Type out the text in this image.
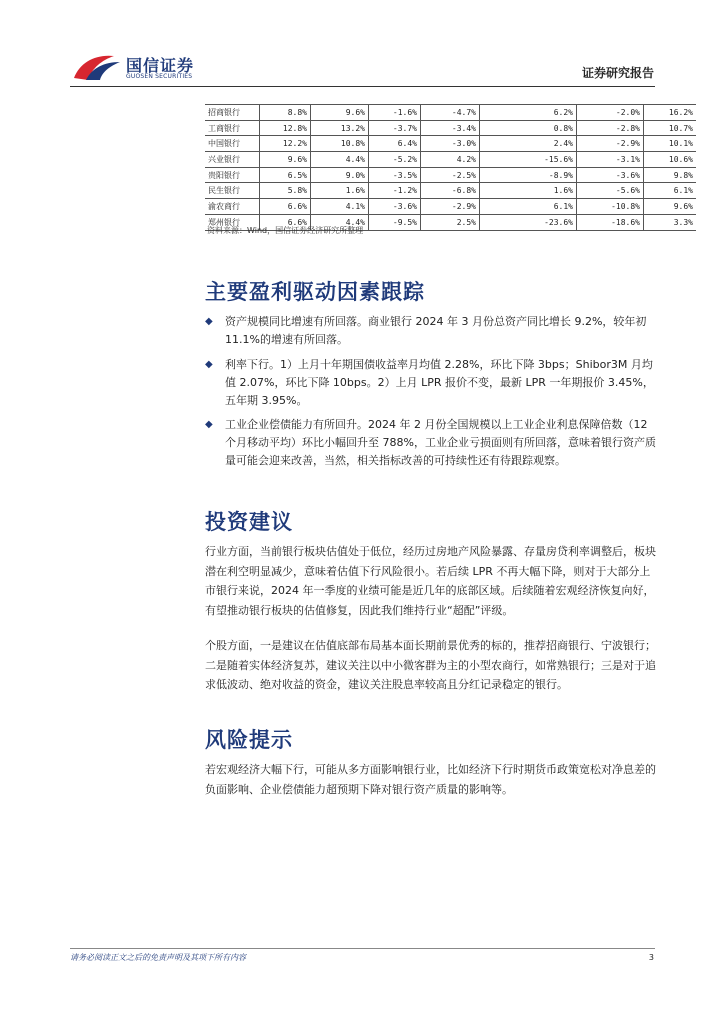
国信证券
GUOSEN SECURITIES	证券研究报告
招商银行	8.8%	9.6%	-1.6%	-4.7%	6.2%	-2.0%	16.2%
工商银行	12.8%	13.2%	-3.7%	-3.4%	0.8%	-2.8%	10.7%
中国银行	12.2%	10.8%	6.4%	-3.0%	2.4%	-2.9%	10.1%
兴业银行	9.6%	4.4%	-5.2%	4.2%	-15.6%	-3.1%	10.6%
贵阳银行	6.5%	9.0%	-3.5%	-2.5%	-8.9%	-3.6%	9.8%
民生银行	5.8%	1.6%	-1.2%	-6.8%	1.6%	-5.6%	6.1%
渝农商行	6.6%	4.1%	-3.6%	-2.9%	6.1%	-10.8%	9.6%
郑州银行	6.6%	4.4%	-9.5%	2.5%	-23.6%	-18.6%	3.3%
资料来源：Wind，国信证券经济研究所整理
主要盈利驱动因素跟踪
◆ 资产规模同比增速有所回落。商业银行 2024 年 3 月份总资产同比增长 9.2%，较年初 11.1%的增速有所回落。
◆ 利率下行。1）上月十年期国债收益率月均值 2.28%，环比下降 3bps；Shibor3M 月均值 2.07%，环比下降 10bps。2）上月 LPR 报价不变，最新 LPR 一年期报价 3.45%，五年期 3.95%。
◆ 工业企业偿债能力有所回升。2024 年 2 月份全国规模以上工业企业利息保障倍数（12 个月移动平均）环比小幅回升至 788%，工业企业亏损面则有所回落，意味着银行资产质量可能会迎来改善，当然，相关指标改善的可持续性还有待跟踪观察。
投资建议
行业方面，当前银行板块估值处于低位，经历过房地产风险暴露、存量房贷利率调整后，板块潜在利空明显减少，意味着估值下行风险很小。若后续 LPR 不再大幅下降，则对于大部分上市银行来说，2024 年一季度的业绩可能是近几年的底部区域。后续随着宏观经济恢复向好，有望推动银行板块的估值修复，因此我们维持行业“超配”评级。
个股方面，一是建议在估值底部布局基本面长期前景优秀的标的，推荐招商银行、宁波银行；二是随着实体经济复苏，建议关注以中小微客群为主的小型农商行，如常熟银行；三是对于追求低波动、绝对收益的资金，建议关注股息率较高且分红记录稳定的银行。
风险提示
若宏观经济大幅下行，可能从多方面影响银行业，比如经济下行时期货币政策宽松对净息差的负面影响、企业偿债能力超预期下降对银行资产质量的影响等。
请务必阅读正文之后的免责声明及其项下所有内容	3
